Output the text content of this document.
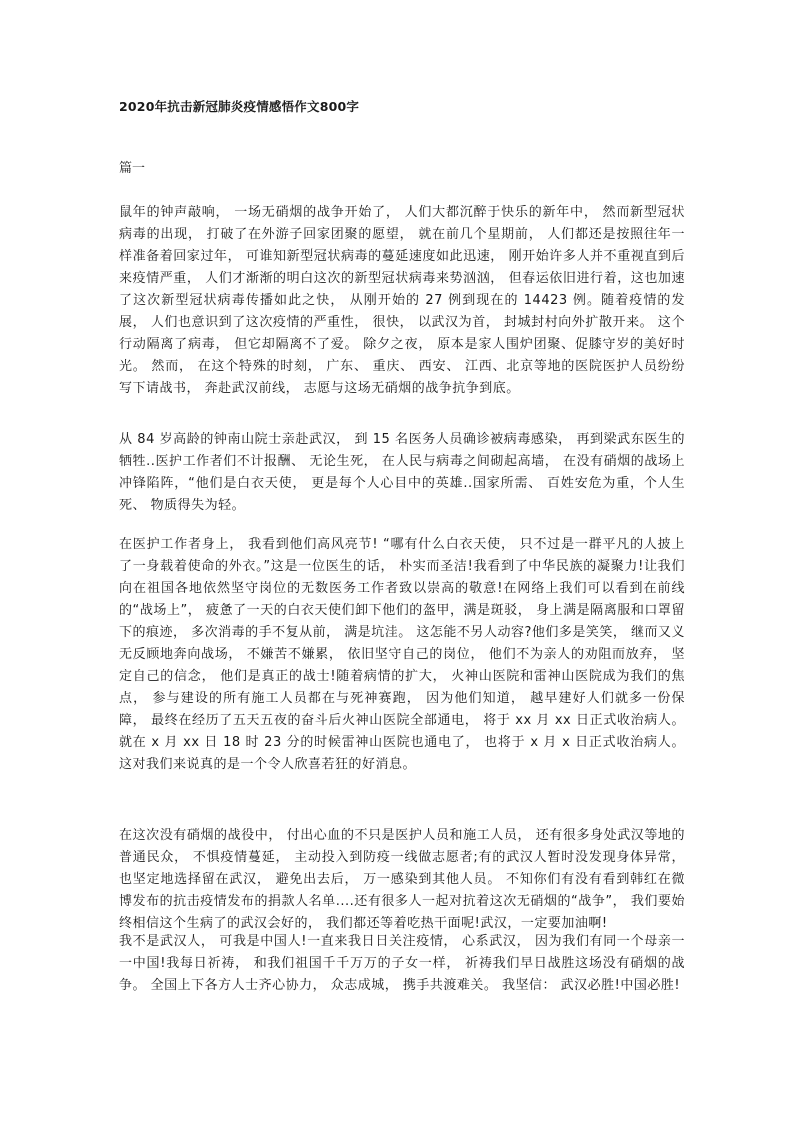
2020年抗击新冠肺炎疫情感悟作文800字
篇一

鼠年的钟声敲响， 一场无硝烟的战争开始了， 人们大都沉醉于快乐的新年中， 然而新型冠状病毒的出现， 打破了在外游子回家团聚的愿望， 就在前几个星期前， 人们都还是按照往年一样准备着回家过年， 可谁知新型冠状病毒的蔓延速度如此迅速， 刚开始许多人并不重视直到后来疫情严重， 人们才渐渐的明白这次的新型冠状病毒来势汹汹， 但春运依旧进行着，这也加速了这次新型冠状病毒传播如此之快， 从刚开始的 27 例到现在的 14423 例。随着疫情的发展， 人们也意识到了这次疫情的严重性， 很快， 以武汉为首， 封城封村向外扩散开来。 这个行动隔离了病毒， 但它却隔离不了爱。 除夕之夜， 原本是家人围炉团聚、促膝守岁的美好时光。 然而， 在这个特殊的时刻， 广东、 重庆、 西安、 江西、北京等地的医院医护人员纷纷写下请战书， 奔赴武汉前线， 志愿与这场无硝烟的战争抗争到底。

从 84 岁高龄的钟南山院士亲赴武汉， 到 15 名医务人员确诊被病毒感染， 再到梁武东医生的牺牲..医护工作者们不计报酬、 无论生死， 在人民与病毒之间砌起高墙， 在没有硝烟的战场上冲锋陷阵，“他们是白衣天使， 更是每个人心目中的英雄..国家所需、 百姓安危为重，个人生死、 物质得失为轻。

在医护工作者身上， 我看到他们高风亮节! “哪有什么白衣天使， 只不过是一群平凡的人披上了一身载着使命的外衣。”这是一位医生的话， 朴实而圣洁!我看到了中华民族的凝聚力!让我们向在祖国各地依然坚守岗位的无数医务工作者致以崇高的敬意!在网络上我们可以看到在前线的“战场上”， 疲惫了一天的白衣天使们卸下他们的盔甲，满是斑驳， 身上满是隔离服和口罩留下的痕迹， 多次消毒的手不复从前， 满是坑洼。 这怎能不另人动容?他们多是笑笑， 继而又义无反顾地奔向战场， 不嫌苦不嫌累， 依旧坚守自己的岗位， 他们不为亲人的劝阻而放弃， 坚定自己的信念， 他们是真正的战士!随着病情的扩大， 火神山医院和雷神山医院成为我们的焦点， 参与建设的所有施工人员都在与死神赛跑， 因为他们知道， 越早建好人们就多一份保障， 最终在经历了五天五夜的奋斗后火神山医院全部通电， 将于 xx 月 xx 日正式收治病人。 就在 x 月 xx 日 18 时 23 分的时候雷神山医院也通电了， 也将于 x 月 x 日正式收治病人。 这对我们来说真的是一个令人欣喜若狂的好消息。

在这次没有硝烟的战役中， 付出心血的不只是医护人员和施工人员， 还有很多身处武汉等地的普通民众， 不惧疫情蔓延， 主动投入到防疫一线做志愿者;有的武汉人暂时没发现身体异常， 也坚定地选择留在武汉， 避免出去后， 万一感染到其他人员。 不知你们有没有看到韩红在微博发布的抗击疫情发布的捐款人名单....还有很多人一起对抗着这次无硝烟的“战争”， 我们要始终相信这个生病了的武汉会好的， 我们都还等着吃热干面呢!武汉，一定要加油啊!

我不是武汉人， 可我是中国人!一直来我日日关注疫情， 心系武汉， 因为我们有同一个母亲一一中国!我每日祈祷， 和我们祖国千千万万的子女一样， 祈祷我们早日战胜这场没有硝烟的战争。 全国上下各方人士齐心协力， 众志成城， 携手共渡难关。 我坚信： 武汉必胜!中国必胜!
